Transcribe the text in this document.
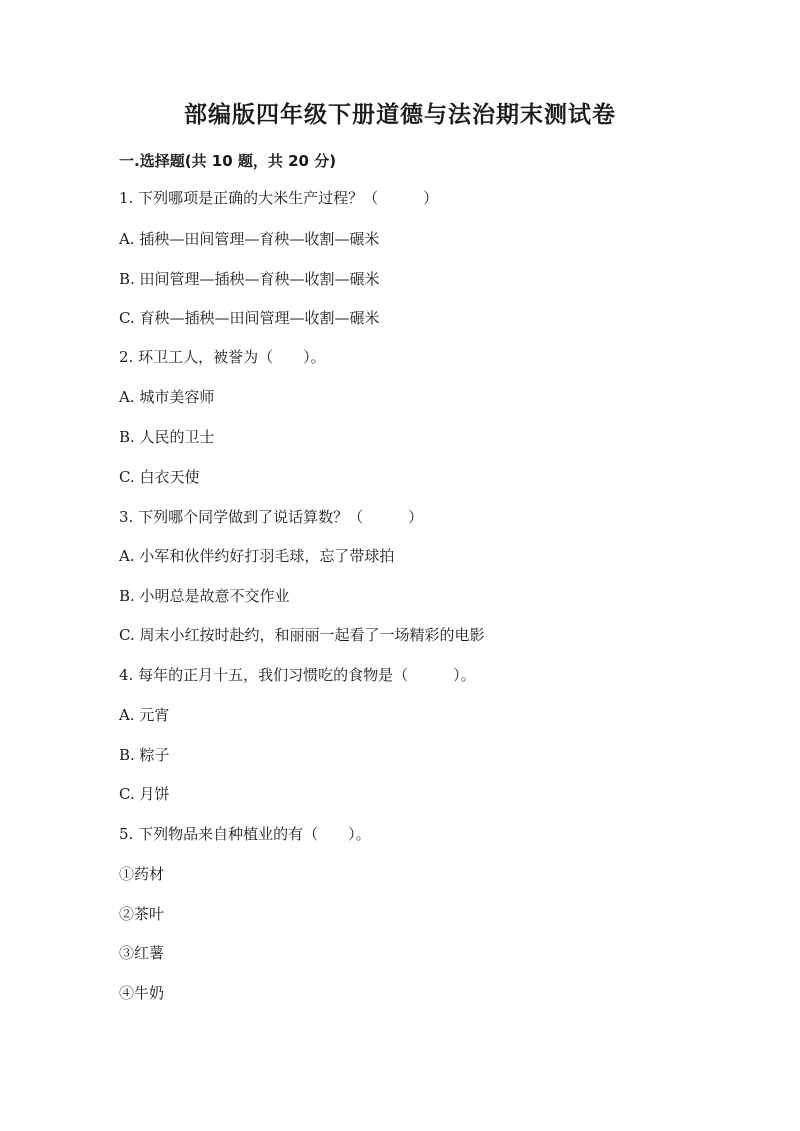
部编版四年级下册道德与法治期末测试卷
一.选择题(共 10 题，共 20 分)
1. 下列哪项是正确的大米生产过程？（　　　）
A. 插秧—田间管理—育秧—收割—碾米
B. 田间管理—插秧—育秧—收割—碾米
C. 育秧—插秧—田间管理—收割—碾米
2. 环卫工人，被誉为（　　）。
A. 城市美容师
B. 人民的卫士
C. 白衣天使
3. 下列哪个同学做到了说话算数？（　　　）
A. 小军和伙伴约好打羽毛球，忘了带球拍
B. 小明总是故意不交作业
C. 周末小红按时赴约，和丽丽一起看了一场精彩的电影
4. 每年的正月十五，我们习惯吃的食物是（　　　）。
A. 元宵
B. 粽子
C. 月饼
5. 下列物品来自种植业的有（　　）。
①药材
②茶叶
③红薯
④牛奶
